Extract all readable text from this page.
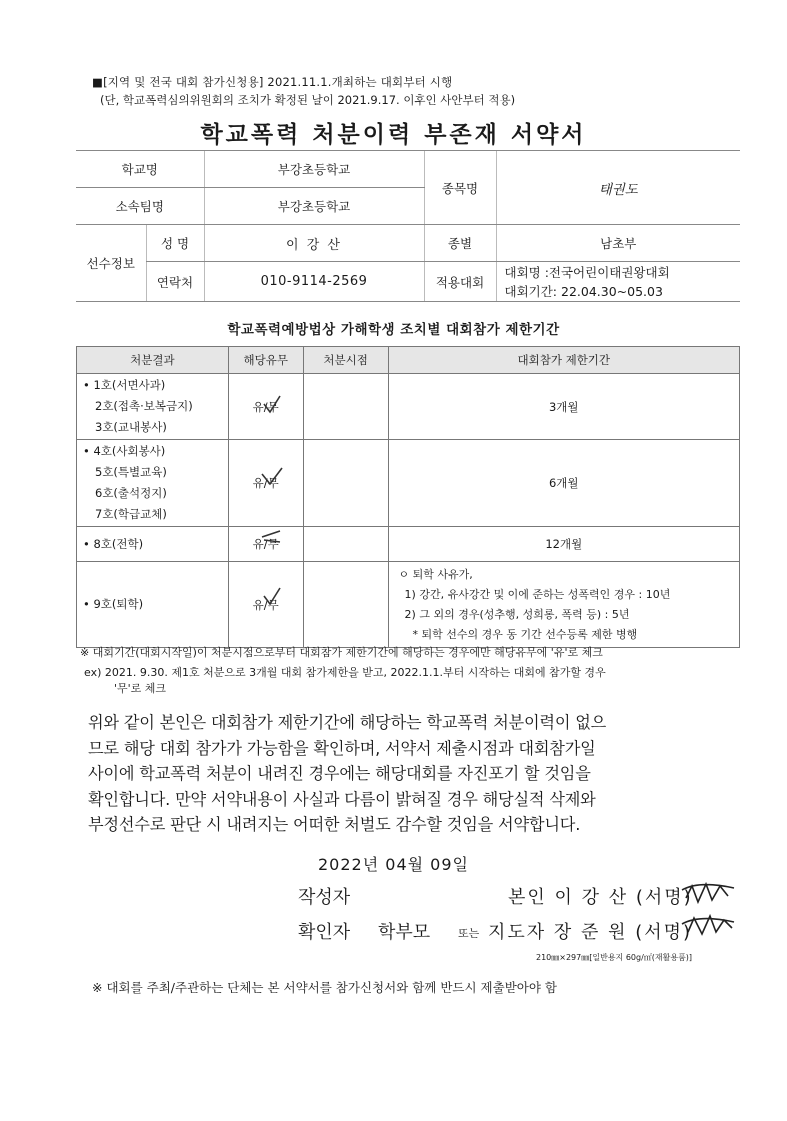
■[지역 및 전국 대회 참가신청용] 2021.11.1.개최하는 대회부터 시행
(단, 학교폭력심의위원회의 조치가 확정된 날이 2021.9.17. 이후인 사안부터 적용)
학교폭력 처분이력 부존재 서약서
학교명		부강초등학교	종목명	태권도
소속팀명		부강초등학교		
선수정보	성 명	이 강 산	종별	남초부
	연락처	010-9114-2569	적용대회	대회명 :전국어린이태권왕대회
대회기간: 22.04.30~05.03
학교폭력예방법상 가해학생 조치별 대회참가 제한기간
처분결과	해당유무	처분시점	대회참가 제한기간

• 1호(서면사과)
2호(접촉·보복금지)
3호(교내봉사)	유/무		3개월

• 4호(사회봉사)
5호(특별교육)
6호(출석정지)
7호(학급교체)	유/무		6개월

• 8호(전학)	유/무		12개월

• 9호(퇴학)	유/무		ㅇ 퇴학 사유가,
1) 강간, 유사강간 및 이에 준하는 성폭력인 경우 : 10년
2) 그 외의 경우(성추행, 성희롱, 폭력 등) : 5년
* 퇴학 선수의 경우 동 기간 선수등록 제한 병행
※ 대회기간(대회시작일)이 처분시점으로부터 대회참가 제한기간에 해당하는 경우에만 해당유무에 '유'로 체크
ex) 2021. 9.30. 제1호 처분으로 3개월 대회 참가제한을 받고, 2022.1.1.부터 시작하는 대회에 참가할 경우
'무'로 체크
위와 같이 본인은 대회참가 제한기간에 해당하는 학교폭력 처분이력이 없으
므로 해당 대회 참가가 가능함을 확인하며, 서약서 제출시점과 대회참가일
사이에 학교폭력 처분이 내려진 경우에는 해당대회를 자진포기 할 것임을
확인합니다. 만약 서약내용이 사실과 다름이 밝혀질 경우 해당실적 삭제와
부정선수로 판단 시 내려지는 어떠한 처벌도 감수할 것임을 서약합니다.
2022년 04월 09일
작성자	본인 이 강 산 (서명)
확인자 학부모	또는 지도자 장 준 원 (서명)
210㎜×297㎜[일반용지 60g/㎡(재활용품)]
※ 대회를 주최/주관하는 단체는 본 서약서를 참가신청서와 함께 반드시 제출받아야 함
